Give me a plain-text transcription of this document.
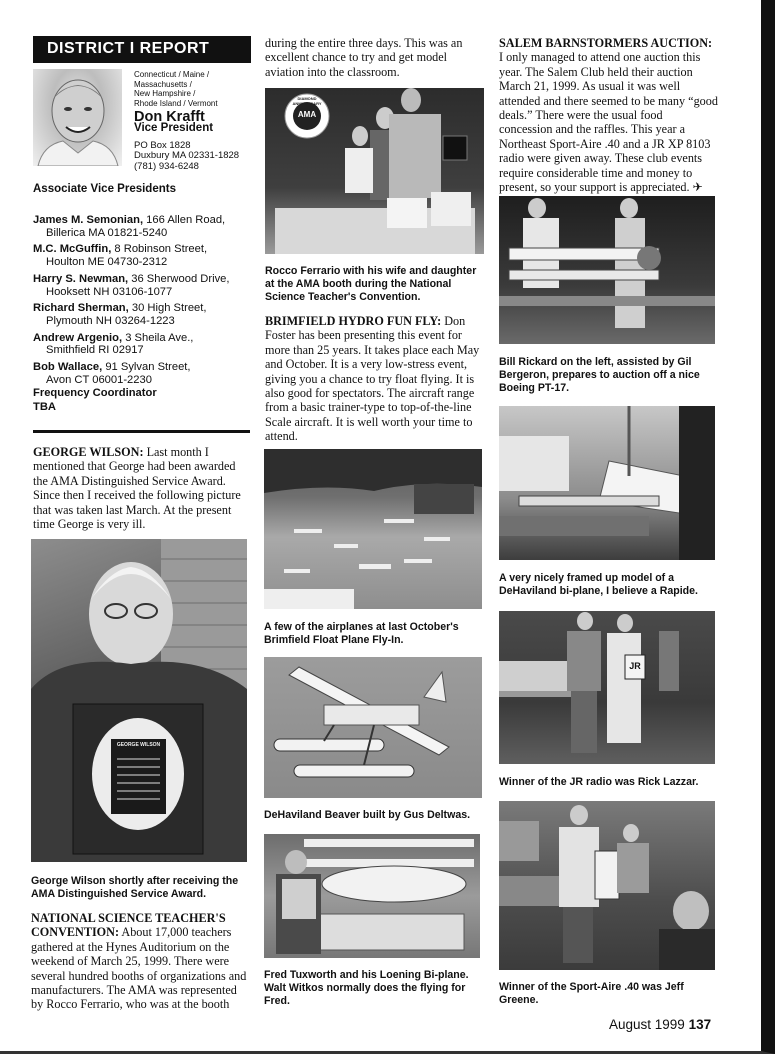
DISTRICT I REPORT
Connecticut / Maine /
Massachusetts /
New Hampshire /
Rhode Island / Vermont
Don Krafft
Vice President
PO Box 1828
Duxbury MA 02331-1828
(781) 934-6248
Associate Vice Presidents
James M. Semonian, 166 Allen Road,
Billerica MA 01821-5240
M.C. McGuffin, 8 Robinson Street,
Houlton ME 04730-2312
Harry S. Newman, 36 Sherwood Drive,
Hooksett NH 03106-1077
Richard Sherman, 30 High Street,
Plymouth NH 03264-1223
Andrew Argenio, 3 Sheila Ave.,
Smithfield RI 02917
Bob Wallace, 91 Sylvan Street,
Avon CT 06001-2230
Frequency Coordinator
TBA
GEORGE WILSON: Last month I mentioned that George had been awarded the AMA Distinguished Service Award. Since then I received the following picture that was taken last March. At the present time George is very ill.
GEORGE WILSON
George Wilson shortly after receiving the AMA Distinguished Service Award.
NATIONAL SCIENCE TEACHER'S CONVENTION: About 17,000 teachers gathered at the Hynes Auditorium on the weekend of March 25, 1999. There were several hundred booths of organizations and manufacturers. The AMA was represented by Rocco Ferrario, who was at the booth
during the entire three days. This was an excellent chance to try and get model aviation into the classroom.
AMA
DIAMOND ANNIVERSARY
Rocco Ferrario with his wife and daughter at the AMA booth during the National Science Teacher's Convention.
BRIMFIELD HYDRO FUN FLY: Don Foster has been presenting this event for more than 25 years. It takes place each May and October. It is a very low-stress event, giving you a chance to try float flying. It is also good for spectators. The aircraft range from a basic trainer-type to top-of-the-line Scale aircraft. It is well worth your time to attend.
A few of the airplanes at last October's Brimfield Float Plane Fly-In.
DeHaviland Beaver built by Gus Deltwas.
Fred Tuxworth and his Loening Bi-plane. Walt Witkos normally does the flying for Fred.
SALEM BARNSTORMERS AUCTION:
I only managed to attend one auction this year. The Salem Club held their auction March 21, 1999. As usual it was well attended and there seemed to be many “good deals.” There were the usual food concession and the raffles. This year a Northeast Sport-Aire .40 and a JR XP 8103 radio were given away. These club events require considerable time and money to present, so your support is appreciated. ✈
Bill Rickard on the left, assisted by Gil Bergeron, prepares to auction off a nice Boeing PT-17.
A very nicely framed up model of a DeHaviland bi-plane, I believe a Rapide.
JR
Winner of the JR radio was Rick Lazzar.
Winner of the Sport-Aire .40 was Jeff Greene.
August 1999 137
